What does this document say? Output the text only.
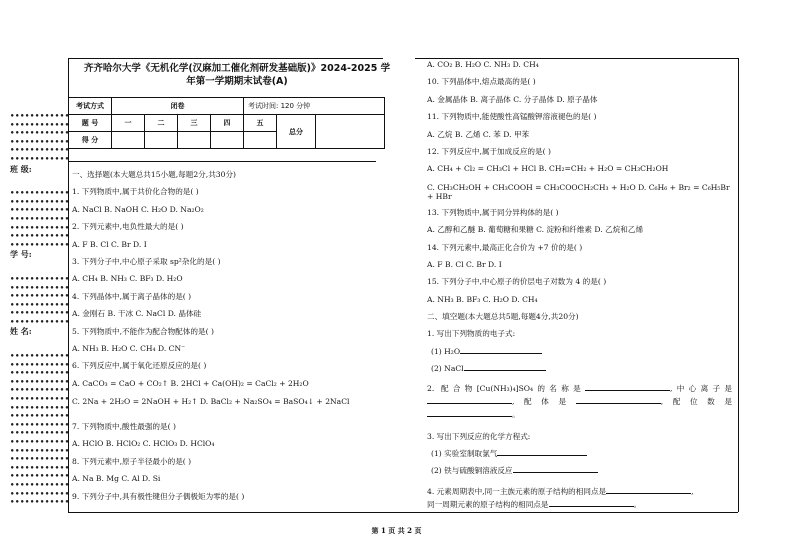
••••••••••••
••••••••••••
••••••••••••
••••••••••••
••••••••••••
••••••••••••
班 级:
••••••••••••
••••••••••••
••••••••••••
••••••••••••
••••••••••••
••••••••••••
••••••••••••
学 号:
••••••••••••
••••••••••••
••••••••••••
••••••••••••
••••••••••••
••••••••••••
姓 名:
••••••••••••
••••••••••••
••••••••••••
••••••••••••
••••••••••••
••••••••••••
••••••••••••
••••••••••••
••••••••••••
••••••••••••
••••••••••••
••••••••••••
••••••••••••
••••••••••••
••••••••••••
••••••••••••
••••••••••••
••••••••••••
齐齐哈尔大学《无机化学(汉麻加工催化剂研发基础版)》2024-2025 学
年第一学期期末试卷(A)
考试方式	闭卷				考试时间: 120 分钟		
题 号	一	二	三	四	五	总分	
得 分							
一、选择题(本大题总共15小题,每题2分,共30分)
1. 下列物质中,属于共价化合物的是( )
A. NaCl B. NaOH C. H₂O D. Na₂O₂
2. 下列元素中,电负性最大的是( )
A. F B. Cl C. Br D. I
3. 下列分子中,中心原子采取 sp²杂化的是( )
A. CH₄ B. NH₃ C. BF₃ D. H₂O
4. 下列晶体中,属于离子晶体的是( )
A. 金刚石 B. 干冰 C. NaCl D. 晶体硅
5. 下列物质中,不能作为配合物配体的是( )
A. NH₃ B. H₂O C. CH₄ D. CN⁻
6. 下列反应中,属于氧化还原反应的是( )
A. CaCO₃ = CaO + CO₂↑ B. 2HCl + Ca(OH)₂ = CaCl₂ + 2H₂O
C. 2Na + 2H₂O = 2NaOH + H₂↑ D. BaCl₂ + Na₂SO₄ = BaSO₄↓ + 2NaCl
7. 下列物质中,酸性最强的是( )
A. HClO B. HClO₂ C. HClO₃ D. HClO₄
8. 下列元素中,原子半径最小的是( )
A. Na B. Mg C. Al D. Si
9. 下列分子中,具有极性键但分子偶极矩为零的是( )
A. CO₂ B. H₂O C. NH₃ D. CH₄
10. 下列晶体中,熔点最高的是( )
A. 金属晶体 B. 离子晶体 C. 分子晶体 D. 原子晶体
11. 下列物质中,能使酸性高锰酸钾溶液褪色的是( )
A. 乙烷 B. 乙烯 C. 苯 D. 甲苯
12. 下列反应中,属于加成反应的是( )
A. CH₄ + Cl₂ = CH₃Cl + HCl B. CH₂=CH₂ + H₂O = CH₃CH₂OH
C. CH₃CH₂OH + CH₃COOH = CH₃COOCH₂CH₃ + H₂O D. C₆H₆ + Br₂ = C₆H₅Br + HBr
13. 下列物质中,属于同分异构体的是( )
A. 乙醇和乙醚 B. 葡萄糖和果糖 C. 淀粉和纤维素 D. 乙烷和乙烯
14. 下列元素中,最高正化合价为 +7 价的是( )
A. F B. Cl C. Br D. I
15. 下列分子中,中心原子的价层电子对数为 4 的是( )
A. NH₃ B. BF₃ C. H₂O D. CH₄
二、填空题(本大题总共5题,每题4分,共20分)
1. 写出下列物质的电子式:
(1) H₂O
(2) NaCl
2. 配合物[Cu(NH₃)₄]SO₄的名称是	,中心离子是 ,配体是	,配位数是 。
3. 写出下列反应的化学方程式:
(1) 实验室制取氯气
(2) 铁与硫酸铜溶液反应
4. 元素周期表中,同一主族元素的原子结构的相同点是	,
同一周期元素的原子结构的相同点是	。
第 1 页 共 2 页
